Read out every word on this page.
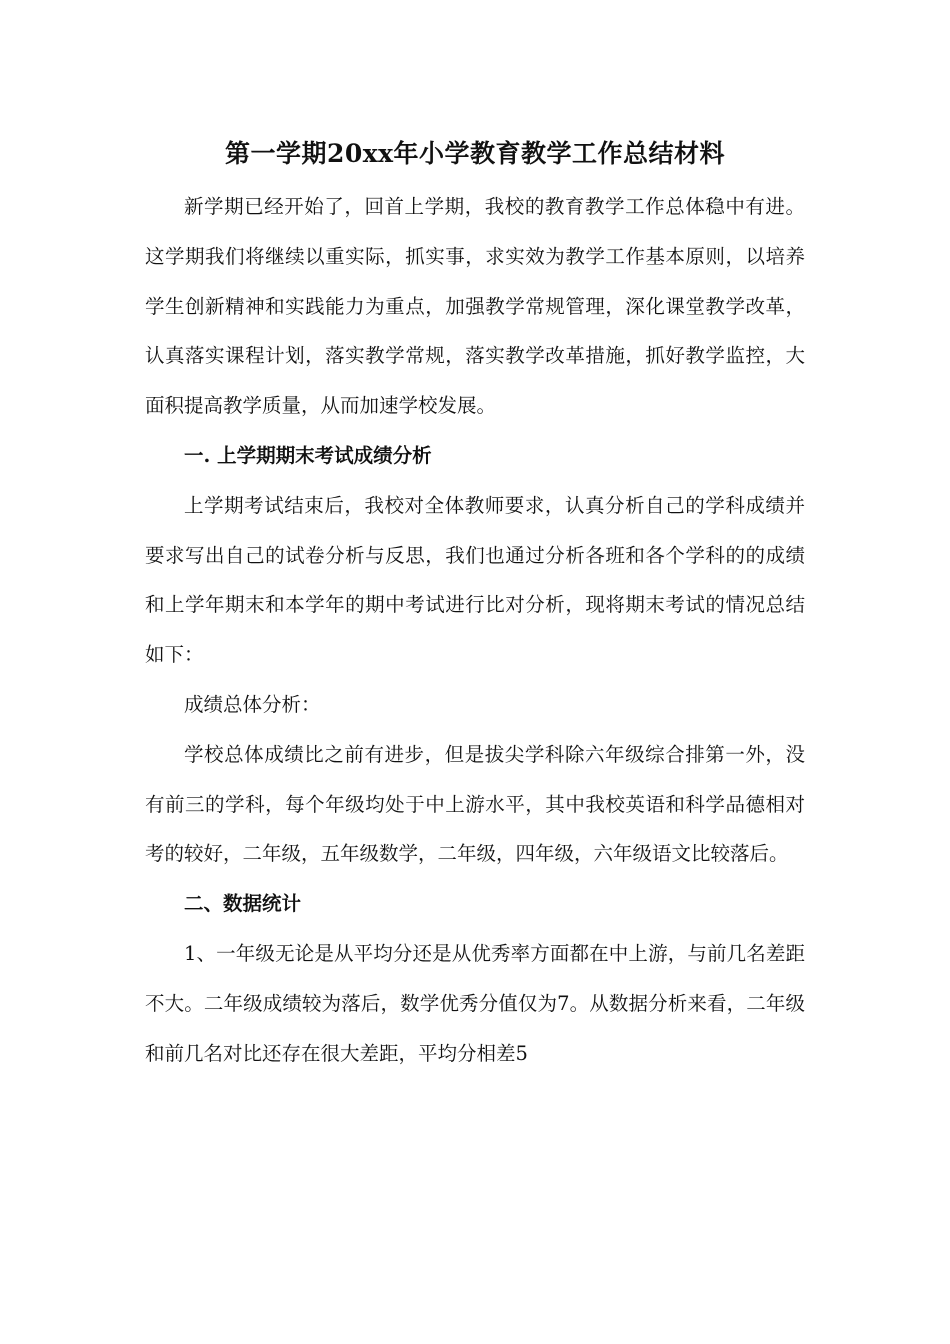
第一学期20xx年小学教育教学工作总结材料

新学期已经开始了，回首上学期，我校的教育教学工作总体稳中有进。这学期我们将继续以重实际，抓实事，求实效为教学工作基本原则，以培养学生创新精神和实践能力为重点，加强教学常规管理，深化课堂教学改革，认真落实课程计划，落实教学常规，落实教学改革措施，抓好教学监控，大面积提高教学质量，从而加速学校发展。

一. 上学期期末考试成绩分析

上学期考试结束后，我校对全体教师要求，认真分析自己的学科成绩并要求写出自己的试卷分析与反思，我们也通过分析各班和各个学科的的成绩和上学年期末和本学年的期中考试进行比对分析，现将期末考试的情况总结如下：

成绩总体分析：

学校总体成绩比之前有进步，但是拔尖学科除六年级综合排第一外，没有前三的学科，每个年级均处于中上游水平，其中我校英语和科学品德相对考的较好，二年级，五年级数学，二年级，四年级，六年级语文比较落后。

二、数据统计

1、一年级无论是从平均分还是从优秀率方面都在中上游，与前几名差距不大。二年级成绩较为落后，数学优秀分值仅为7。从数据分析来看，二年级和前几名对比还存在很大差距，平均分相差5
